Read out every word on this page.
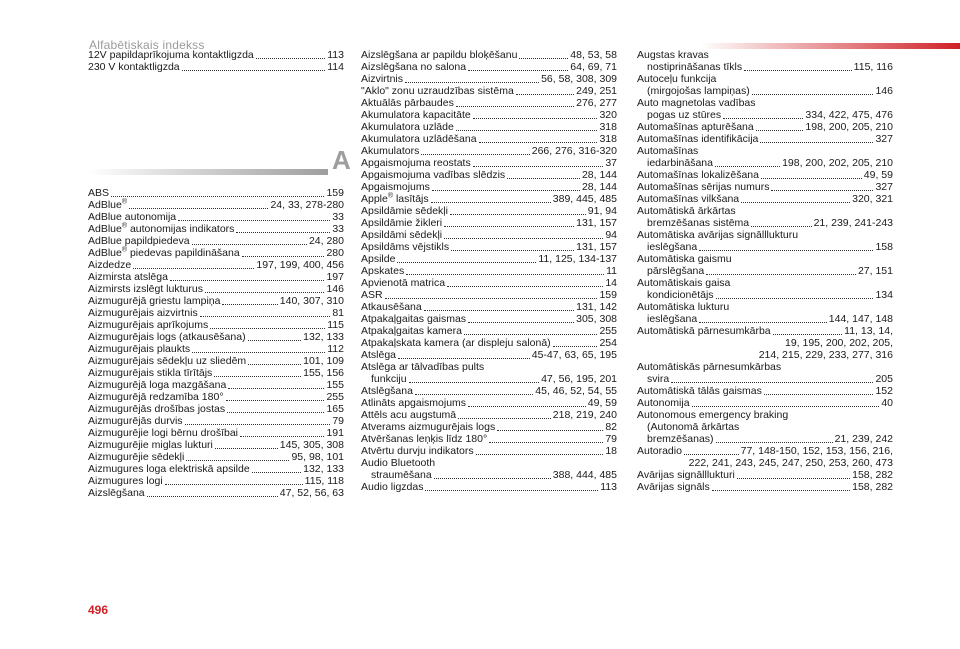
Alfabētiskais indekss
12V papildaprīkojuma kontaktligzda	113
230 V kontaktligzda	114
A
ABS	159
AdBlue®	24, 33, 278-280
AdBlue autonomija	33
AdBlue® autonomijas indikators	33
AdBlue papildpiedeva	24, 280
AdBlue® piedevas papildināšana	280
Aizdedze	197, 199, 400, 456
Aizmirsta atslēga	197
Aizmirsts izslēgt lukturus	146
Aizmugurējā griestu lampiņa	140, 307, 310
Aizmugurējais aizvirtnis	81
Aizmugurējais aprīkojums	115
Aizmugurējais logs (atkausēšana)	132, 133
Aizmugurējais plaukts	112
Aizmugurējais sēdekļu uz sliedēm	101, 109
Aizmugurējais stikla tīrītājs	155, 156
Aizmugurējā loga mazgāšana	155
Aizmugurējā redzamība 180°	255
Aizmugurējās drošības jostas	165
Aizmugurējās durvis	79
Aizmugurējie logi bērnu drošībai	191
Aizmugurējie miglas lukturi	145, 305, 308
Aizmugurējie sēdekļi	95, 98, 101
Aizmugures loga elektriskā apsilde	132, 133
Aizmugures logi	115, 118
Aizslēgšana	47, 52, 56, 63
Aizslēgšana ar papildu bloķēšanu	48, 53, 58
Aizslēgšana no salona	64, 69, 71
Aizvirtnis	56, 58, 308, 309
"Aklo" zonu uzraudzības sistēma	249, 251
Aktuālās pārbaudes	276, 277
Akumulatora kapacitāte	320
Akumulatora uzlāde	318
Akumulatora uzlādēšana	318
Akumulators	266, 276, 316-320
Apgaismojuma reostats	37
Apgaismojuma vadības slēdzis	28, 144
Apgaismojums	28, 144
Apple® lasītājs	389, 445, 485
Apsildāmie sēdekļi	91, 94
Apsildāmie žikleri	131, 157
Apsildāmi sēdekļi	94
Apsildāms vējstikls	131, 157
Apsilde	11, 125, 134-137
Apskates	11
Apvienotā matrica	14
ASR	159
Atkausēšana	131, 142
Atpakaļgaitas gaismas	305, 308
Atpakaļgaitas kamera	255
Atpakaļskata kamera (ar displeju salonā)	254
Atslēga	45-47, 63, 65, 195
Atslēga ar tālvadības pults
funkciju	47, 56, 195, 201
Atslēgšana	45, 46, 52, 54, 55
Atlināts apgaismojums	49, 59
Attēls acu augstumā	218, 219, 240
Atverams aizmugurējais logs	82
Atvēršanas leņķis līdz 180°	79
Atvērtu durvju indikators	18
Audio Bluetooth
straumēšana	388, 444, 485
Audio ligzdas	113
Augstas kravas
nostiprināšanas tīkls	115, 116
Autoceļu funkcija
(mirgojošas lampiņas)	146
Auto magnetolas vadības
pogas uz stūres	334, 422, 475, 476
Automašīnas apturēšana	198, 200, 205, 210
Automašīnas identifikācija	327
Automašīnas
iedarbināšana	198, 200, 202, 205, 210
Automašīnas lokalizēšana	49, 59
Automašīnas sērijas numurs	327
Automašīnas vilkšana	320, 321
Automātiskā ārkārtas
bremzēšanas sistēma	21, 239, 241-243
Automātiska avārijas signālllukturu
ieslēgšana	158
Automātiska gaismu
pārslēgšana	27, 151
Automātiskais gaisa
kondicionētājs	134
Automātiska lukturu
ieslēgšana	144, 147, 148
Automātiskā pārnesumkārba	11, 13, 14,
19, 195, 200, 202, 205,
214, 215, 229, 233, 277, 316
Automātiskās pārnesumkārbas
svira	205
Automātiskā tālās gaismas	152
Autonomija	40
Autonomous emergency braking
(Autonomā ārkārtas
bremzēšanas)	21, 239, 242
Autoradio	77, 148-150, 152, 153, 156, 216,
222, 241, 243, 245, 247, 250, 253, 260, 473
Avārijas signālllukturi	158, 282
Avārijas signāls	158, 282
496
